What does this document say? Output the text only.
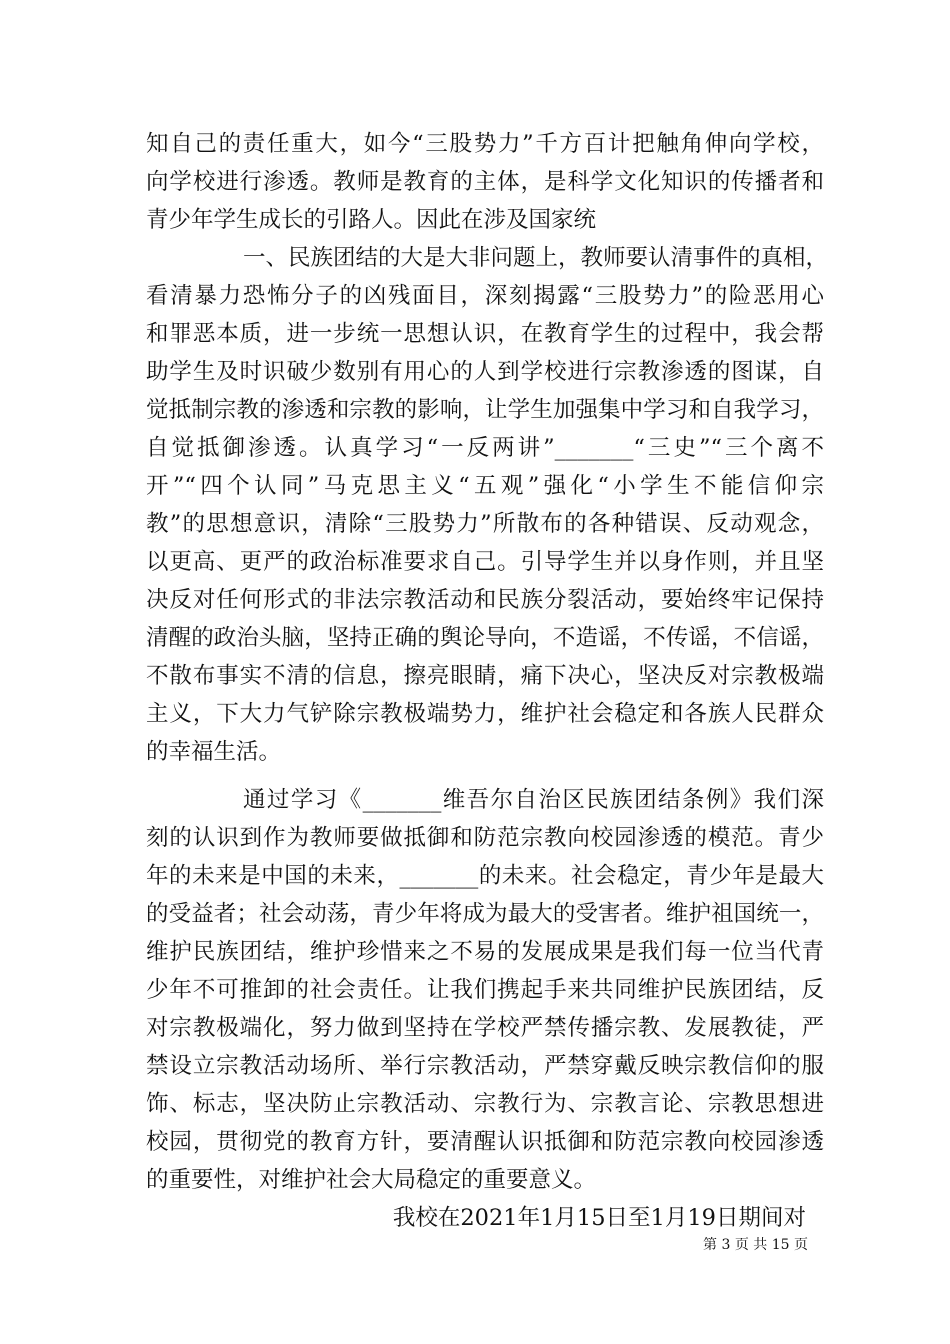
知自己的责任重大，如今“三股势力”千方百计把触角伸向学校，
向学校进行渗透。教师是教育的主体，是科学文化知识的传播者和
青少年学生成长的引路人。因此在涉及国家统
一、民族团结的大是大非问题上，教师要认清事件的真相，
看清暴力恐怖分子的凶残面目，深刻揭露“三股势力”的险恶用心
和罪恶本质，进一步统一思想认识，在教育学生的过程中，我会帮
助学生及时识破少数别有用心的人到学校进行宗教渗透的图谋，自
觉抵制宗教的渗透和宗教的影响，让学生加强集中学习和自我学习，
自觉抵御渗透。认真学习“一反两讲”_______“三史”“三个离不
开”“四个认同”马克思主义“五观”强化“小学生不能信仰宗
教”的思想意识，清除“三股势力”所散布的各种错误、反动观念，
以更高、更严的政治标准要求自己。引导学生并以身作则，并且坚
决反对任何形式的非法宗教活动和民族分裂活动，要始终牢记保持
清醒的政治头脑，坚持正确的舆论导向，不造谣，不传谣，不信谣，
不散布事实不清的信息，擦亮眼睛，痛下决心，坚决反对宗教极端
主义，下大力气铲除宗教极端势力，维护社会稳定和各族人民群众
的幸福生活。
通过学习《_______维吾尔自治区民族团结条例》我们深
刻的认识到作为教师要做抵御和防范宗教向校园渗透的模范。青少
年的未来是中国的未来，_______的未来。社会稳定，青少年是最大
的受益者；社会动荡，青少年将成为最大的受害者。维护祖国统一，
维护民族团结，维护珍惜来之不易的发展成果是我们每一位当代青
少年不可推卸的社会责任。让我们携起手来共同维护民族团结，反
对宗教极端化，努力做到坚持在学校严禁传播宗教、发展教徒，严
禁设立宗教活动场所、举行宗教活动，严禁穿戴反映宗教信仰的服
饰、标志，坚决防止宗教活动、宗教行为、宗教言论、宗教思想进
校园，贯彻党的教育方针，要清醒认识抵御和防范宗教向校园渗透
的重要性，对维护社会大局稳定的重要意义。
我校在2021年1月15日至1月19日期间对
第 3 页 共 15 页
